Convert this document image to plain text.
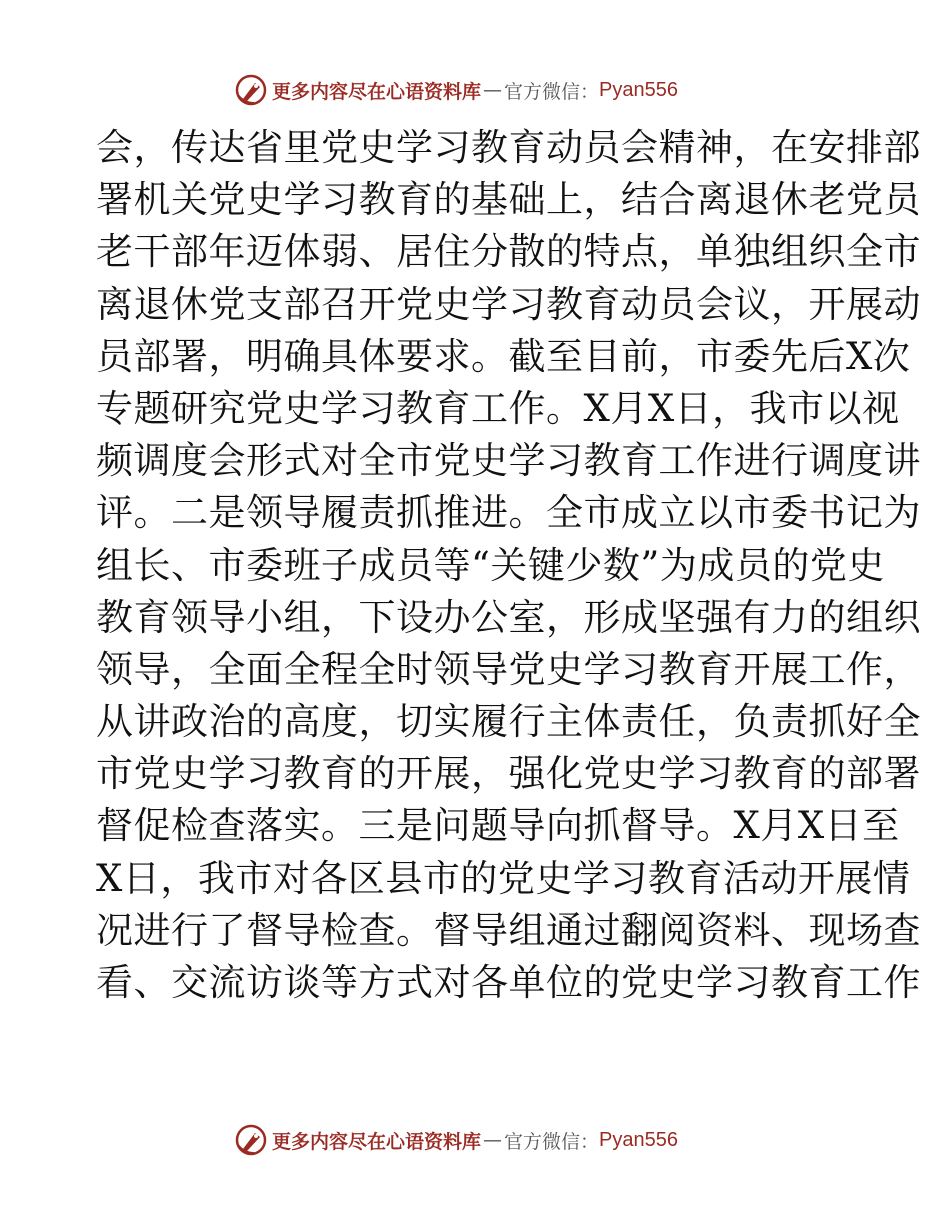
更多内容尽在心语资料库 — 官方微信： Pyan556
会，传达省里党史学习教育动员会精神，在安排部
署机关党史学习教育的基础上，结合离退休老党员
老干部年迈体弱、居住分散的特点，单独组织全市
离退休党支部召开党史学习教育动员会议，开展动
员部署，明确具体要求。截至目前，市委先后X次
专题研究党史学习教育工作。X月X日，我市以视
频调度会形式对全市党史学习教育工作进行调度讲
评。二是领导履责抓推进。全市成立以市委书记为
组长、市委班子成员等“关键少数”为成员的党史
教育领导小组，下设办公室，形成坚强有力的组织
领导，全面全程全时领导党史学习教育开展工作，
从讲政治的高度，切实履行主体责任，负责抓好全
市党史学习教育的开展，强化党史学习教育的部署
督促检查落实。三是问题导向抓督导。X月X日至
X日，我市对各区县市的党史学习教育活动开展情
况进行了督导检查。督导组通过翻阅资料、现场查
看、交流访谈等方式对各单位的党史学习教育工作
更多内容尽在心语资料库 — 官方微信： Pyan556
